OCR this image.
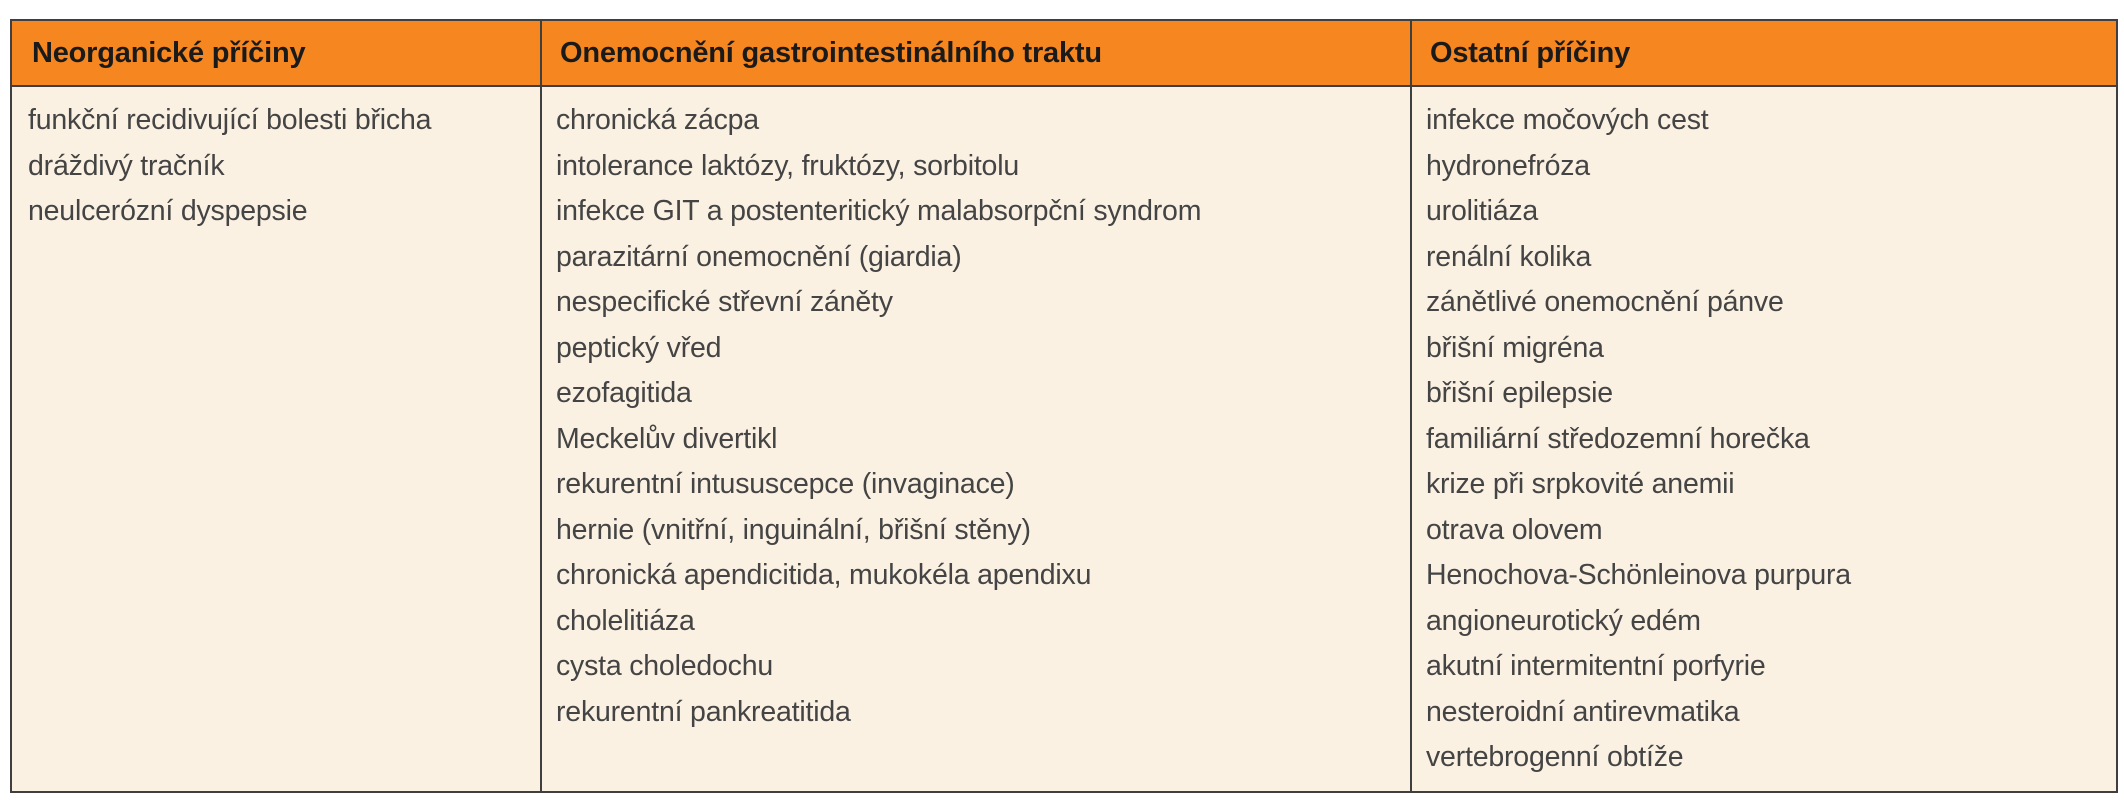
Neorganické příčiny	Onemocnění gastrointestinálního traktu	Ostatní příčiny
funkční recidivující bolesti břicha
dráždivý tračník
neulcerózní dyspepsie
chronická zácpa
intolerance laktózy, fruktózy, sorbitolu
infekce GIT a postenteritický malabsorpční syndrom
parazitární onemocnění (giardia)
nespecifické střevní záněty
peptický vřed
ezofagitida
Meckelův divertikl
rekurentní intususcepce (invaginace)
hernie (vnitřní, inguinální, břišní stěny)
chronická apendicitida, mukokéla apendixu
cholelitiáza
cysta choledochu
rekurentní pankreatitida
infekce močových cest
hydronefróza
urolitiáza
renální kolika
zánětlivé onemocnění pánve
břišní migréna
břišní epilepsie
familiární středozemní horečka
krize při srpkovité anemii
otrava olovem
Henochova-Schönleinova purpura
angioneurotický edém
akutní intermitentní porfyrie
nesteroidní antirevmatika
vertebrogenní obtíže
